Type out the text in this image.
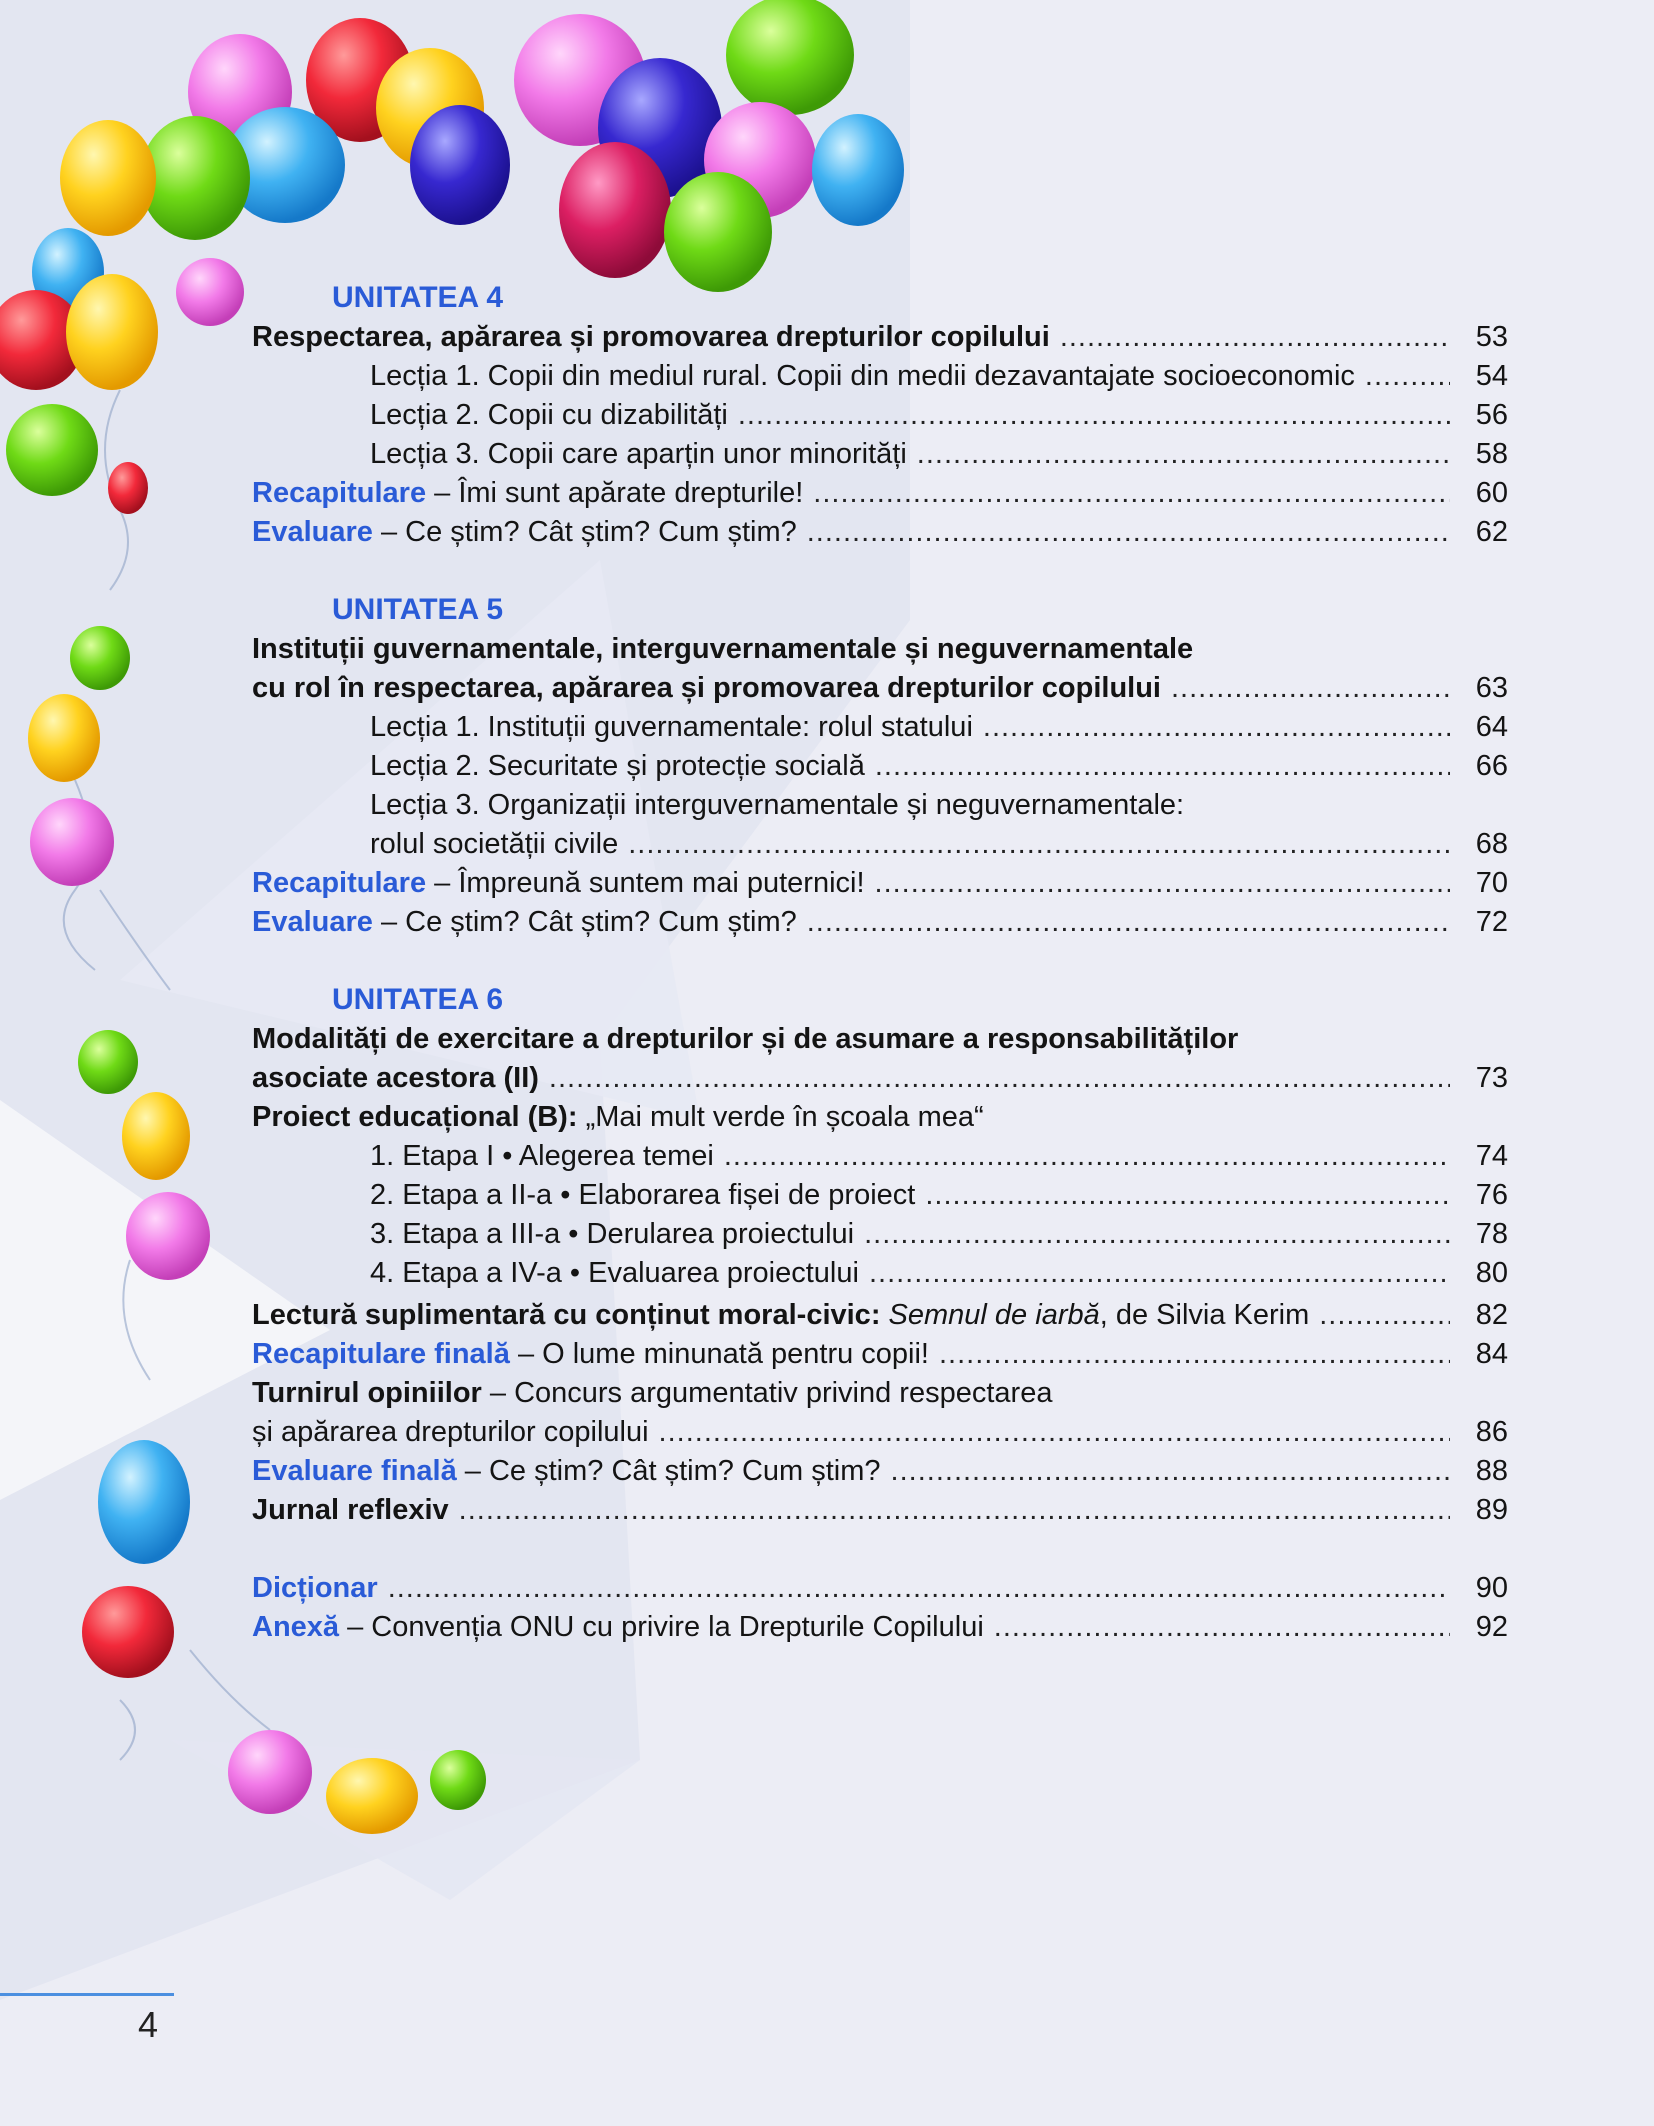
UNITATEA 4
Respectarea, apărarea și promovarea drepturilor copilului .....	53
Lecția 1. Copii din mediul rural. Copii din medii dezavantajate socioeconomic .....	54
Lecția 2. Copii cu dizabilități .....	56
Lecția 3. Copii care aparțin unor minorități .....	58
Recapitulare
– Îmi sunt apărate drepturile! .....	60
Evaluare
– Ce știm? Cât știm? Cum știm? .....	62
UNITATEA 5
Instituții guvernamentale, interguvernamentale și neguvernamentale
cu rol în respectarea, apărarea și promovarea drepturilor copilului .....	63
Lecția 1. Instituții guvernamentale: rolul statului .....	64
Lecția 2. Securitate și protecție socială .....	66
Lecția 3. Organizații interguvernamentale și neguvernamentale:
rolul societății civile .....	68
Recapitulare
– Împreună suntem mai puternici! .....	70
Evaluare
– Ce știm? Cât știm? Cum știm? .....	72
UNITATEA 6
Modalități de exercitare a drepturilor și de asumare a responsabilităților
asociate acestora (II) .....	73
Proiect educațional (B):
„Mai mult verde în școala mea“
1. Etapa I • Alegerea temei .....	74
2. Etapa a II-a • Elaborarea fișei de proiect .....	76
3. Etapa a III-a • Derularea proiectului .....	78
4. Etapa a IV-a • Evaluarea proiectului .....	80
Lectură suplimentară cu conținut moral-civic:
Semnul de iarbă , de Silvia Kerim .....	82
Recapitulare finală
– O lume minunată pentru copii! .....	84
Turnirul opiniilor
– Concurs argumentativ privind respectarea
și apărarea drepturilor copilului .....	86
Evaluare finală
– Ce știm? Cât știm? Cum știm? .....	88
Jurnal reflexiv .....	89
Dicționar .....	90
Anexă
– Convenția ONU cu privire la Drepturile Copilului .....	92
4
